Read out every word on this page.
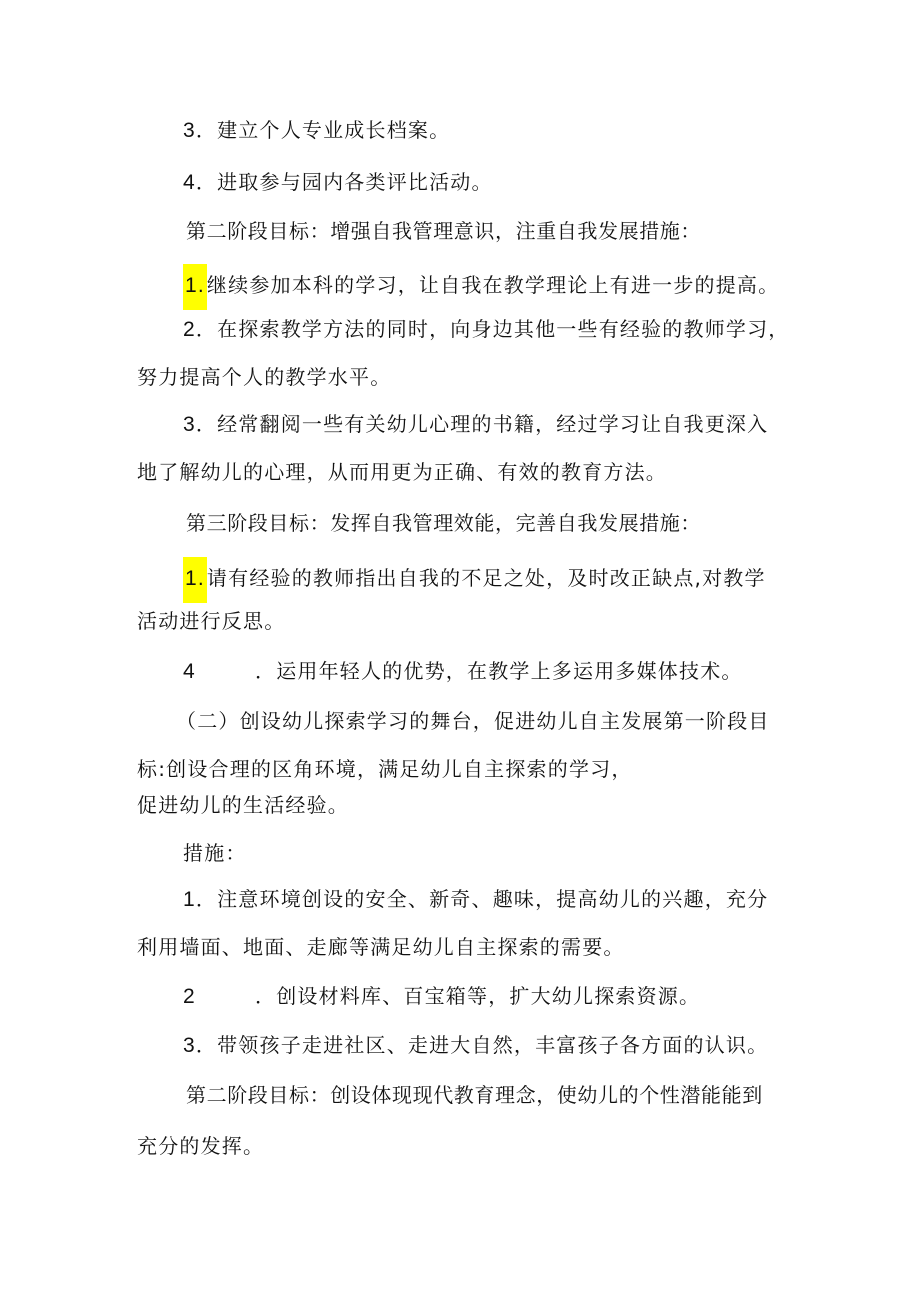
3．建立个人专业成长档案。
4．进取参与园内各类评比活动。
第二阶段目标：增强自我管理意识，注重自我发展措施：
1. 继续参加本科的学习，让自我在教学理论上有进一步的提高。
2．在探索教学方法的同时，向身边其他一些有经验的教师学习，
努力提高个人的教学水平。
3．经常翻阅一些有关幼儿心理的书籍，经过学习让自我更深入
地了解幼儿的心理，从而用更为正确、有效的教育方法。
第三阶段目标：发挥自我管理效能，完善自我发展措施：
1. 请有经验的教师指出自我的不足之处，及时改正缺点,对教学
活动进行反思。
4	．运用年轻人的优势，在教学上多运用多媒体技术。
（二）创设幼儿探索学习的舞台，促进幼儿自主发展第一阶段目
标:创设合理的区角环境，满足幼儿自主探索的学习，
促进幼儿的生活经验。
措施：
1．注意环境创设的安全、新奇、趣味，提高幼儿的兴趣，充分
利用墙面、地面、走廊等满足幼儿自主探索的需要。
2	．创设材料库、百宝箱等，扩大幼儿探索资源。
3．带领孩子走进社区、走进大自然，丰富孩子各方面的认识。
第二阶段目标：创设体现现代教育理念，使幼儿的个性潜能能到
充分的发挥。
